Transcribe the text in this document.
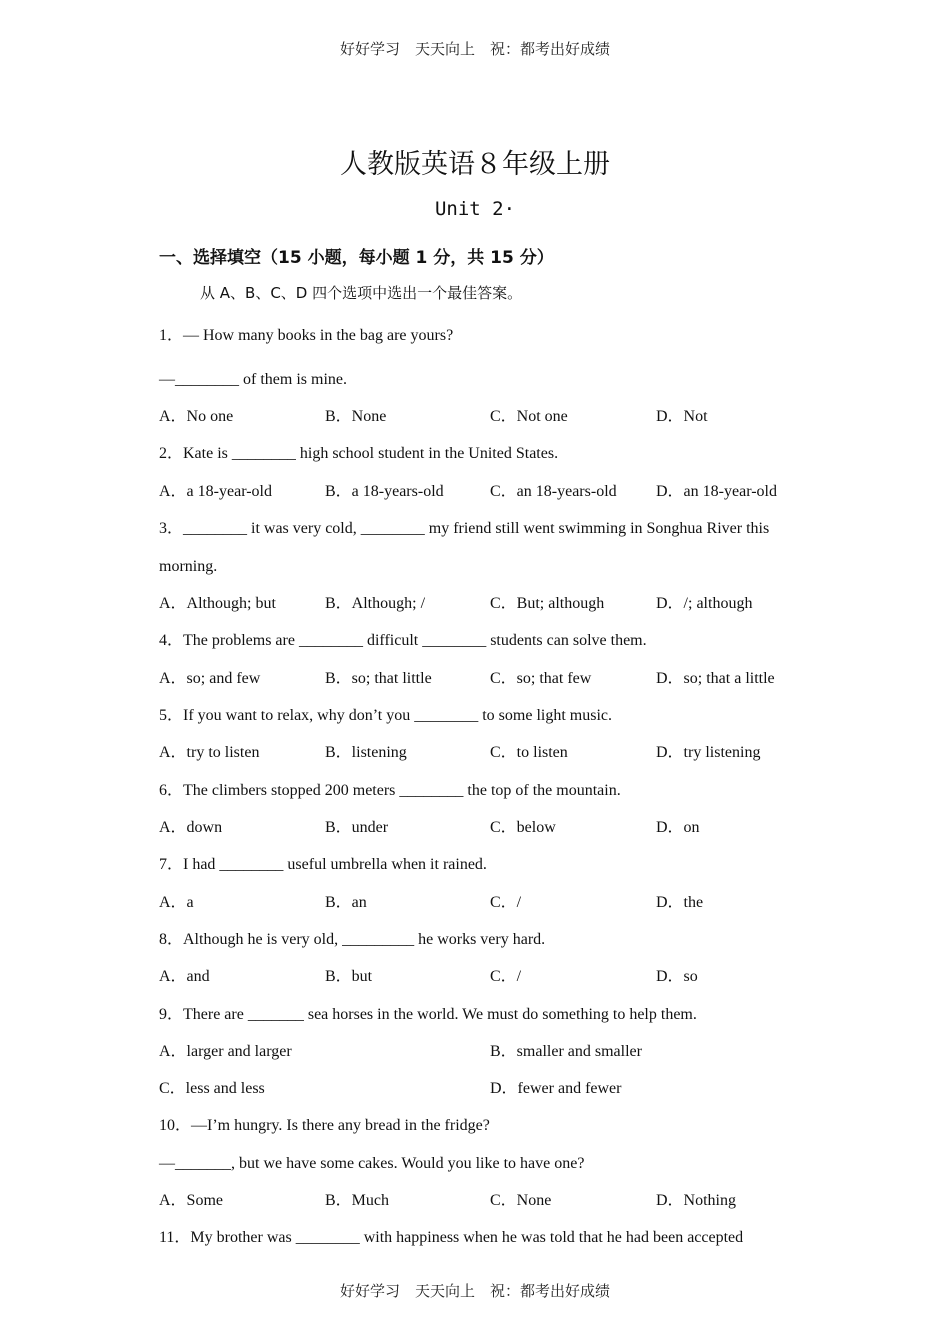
好好学习　天天向上　祝：都考出好成绩
人教版英语８年级上册
Unit 2·
一、选择填空（15 小题，每小题 1 分，共 15 分）
从 A、B、C、D 四个选项中选出一个最佳答案。
1．— How many books in the bag are yours?
—________ of them is mine.
A．No one	B．None	C．Not one	D．Not
2．Kate is ________ high school student in the United States.
A．a 18-year-old	B．a 18-years-old	C．an 18-years-old D．an 18-year-old
3．________ it was very cold, ________ my friend still went swimming in Songhua River this
morning.
A．Although; but	B．Although; /	C．But; although	D．/; although
4．The problems are ________ difficult ________ students can solve them.
A．so; and few	B．so; that little	C．so; that few	D．so; that a little
5．If you want to relax, why don’t you ________ to some light music.
A．try to listen	B．listening	C．to listen	D．try listening
6．The climbers stopped 200 meters ________ the top of the mountain.
A．down	B．under	C．below	D．on
7．I had ________ useful umbrella when it rained.
A．a	B．an	C．/	D．the
8．Although he is very old, _________ he works very hard.
A．and	B．but	C．/	D．so
9．There are _______ sea horses in the world. We must do something to help them.
A．larger and larger	B．smaller and smaller
C．less and less	D．fewer and fewer
10．—I’m hungry. Is there any bread in the fridge?
—_______, but we have some cakes. Would you like to have one?
A．Some	B．Much	C．None	D．Nothing
11．My brother was ________ with happiness when he was told that he had been accepted
好好学习　天天向上　祝：都考出好成绩
